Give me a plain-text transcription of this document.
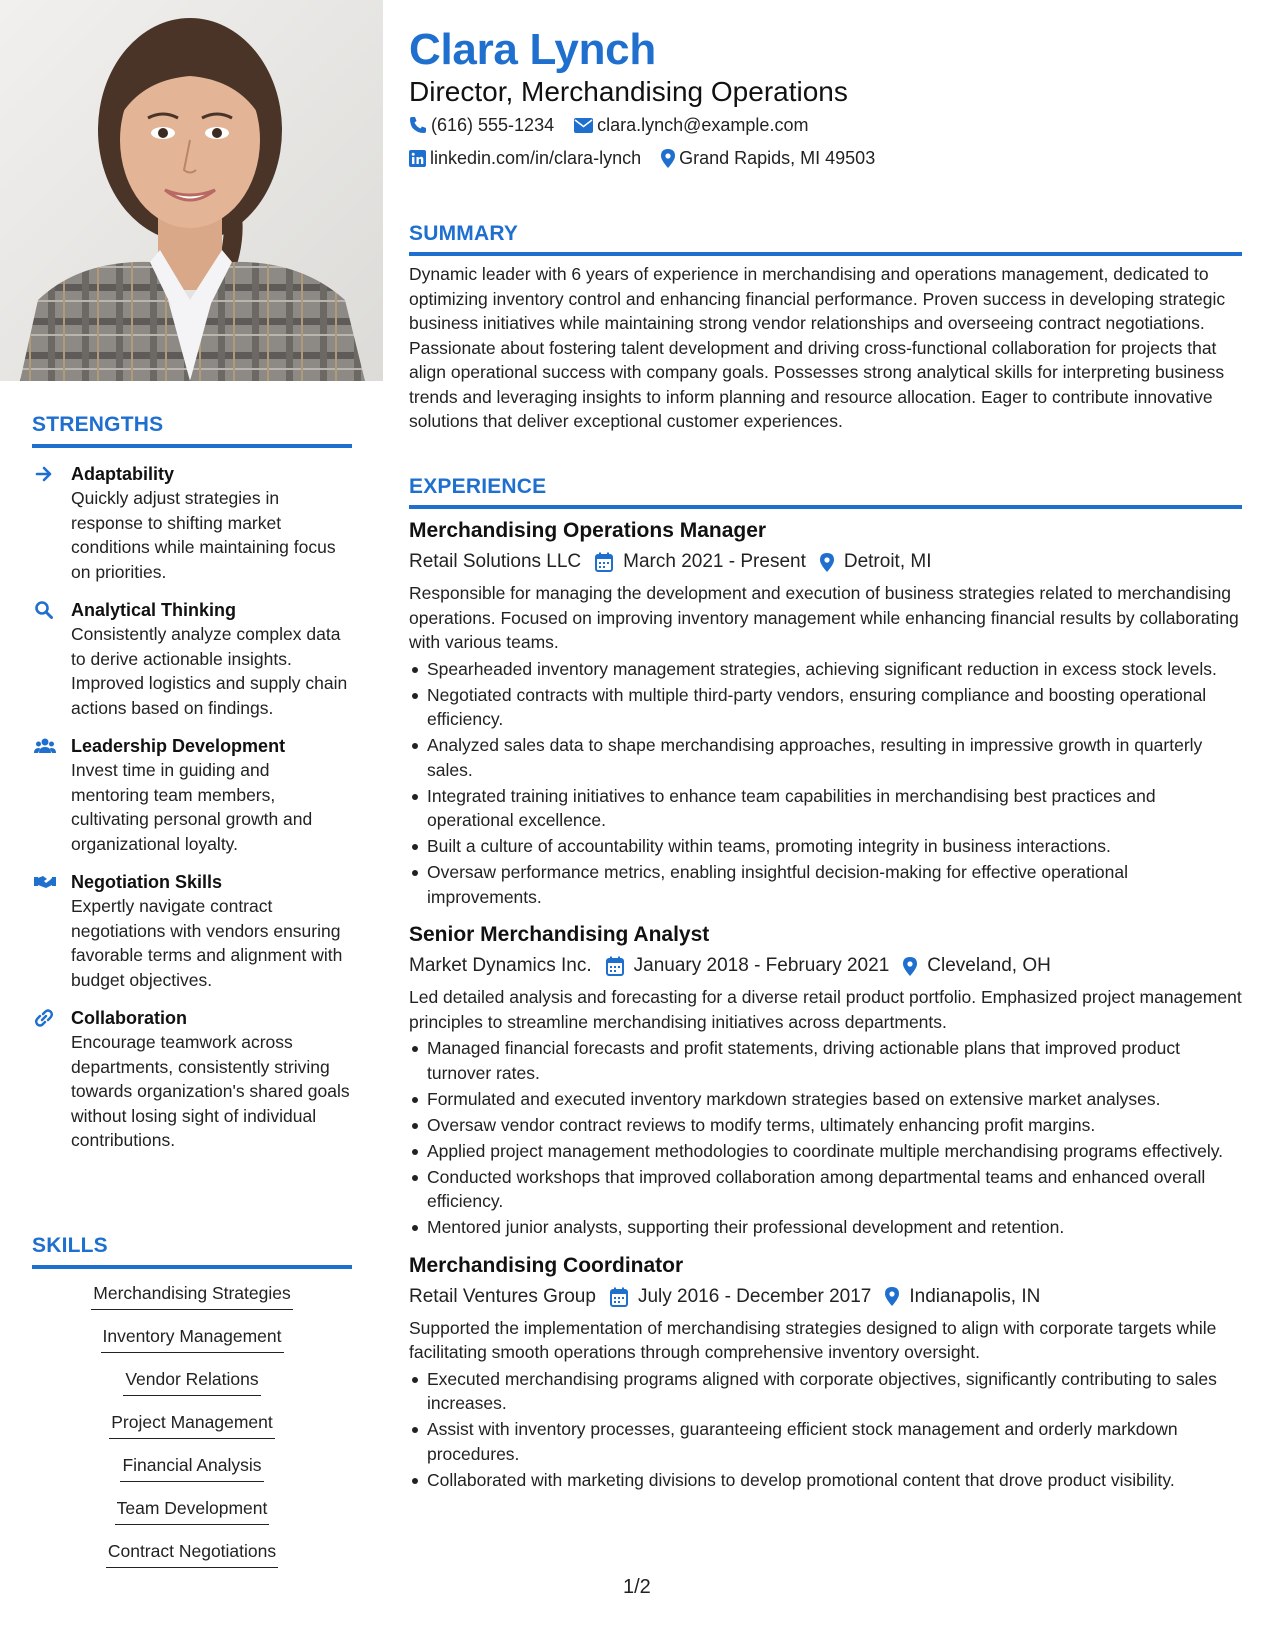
STRENGTHS
Adaptability
Quickly adjust strategies in response to shifting market conditions while maintaining focus on priorities.
Analytical Thinking
Consistently analyze complex data to derive actionable insights. Improved logistics and supply chain actions based on findings.
Leadership Development
Invest time in guiding and mentoring team members, cultivating personal growth and organizational loyalty.
Negotiation Skills
Expertly navigate contract negotiations with vendors ensuring favorable terms and alignment with budget objectives.
Collaboration
Encourage teamwork across departments, consistently striving towards organization's shared goals without losing sight of individual contributions.
SKILLS
Merchandising Strategies
Inventory Management
Vendor Relations
Project Management
Financial Analysis
Team Development
Contract Negotiations
Clara Lynch
Director, Merchandising Operations
(616) 555-1234 clara.lynch@example.com
linkedin.com/in/clara-lynch Grand Rapids, MI 49503
SUMMARY

Dynamic leader with 6 years of experience in merchandising and operations management, dedicated to optimizing inventory control and enhancing financial performance. Proven success in developing strategic business initiatives while maintaining strong vendor relationships and overseeing contract negotiations. Passionate about fostering talent development and driving cross-functional collaboration for projects that align operational success with company goals. Possesses strong analytical skills for interpreting business trends and leveraging insights to inform planning and resource allocation. Eager to contribute innovative solutions that deliver exceptional customer experiences.

EXPERIENCE
Merchandising Operations Manager
Retail Solutions LLC March 2021 - Present Detroit, MI
Responsible for managing the development and execution of business strategies related to merchandising operations. Focused on improving inventory management while enhancing financial results by collaborating with various teams.
Spearheaded inventory management strategies, achieving significant reduction in excess stock levels.
Negotiated contracts with multiple third-party vendors, ensuring compliance and boosting operational efficiency.
Analyzed sales data to shape merchandising approaches, resulting in impressive growth in quarterly sales.
Integrated training initiatives to enhance team capabilities in merchandising best practices and operational excellence.
Built a culture of accountability within teams, promoting integrity in business interactions.
Oversaw performance metrics, enabling insightful decision-making for effective operational improvements.
Senior Merchandising Analyst
Market Dynamics Inc. January 2018 - February 2021 Cleveland, OH
Led detailed analysis and forecasting for a diverse retail product portfolio. Emphasized project management principles to streamline merchandising initiatives across departments.
Managed financial forecasts and profit statements, driving actionable plans that improved product turnover rates.
Formulated and executed inventory markdown strategies based on extensive market analyses.
Oversaw vendor contract reviews to modify terms, ultimately enhancing profit margins.
Applied project management methodologies to coordinate multiple merchandising programs effectively.
Conducted workshops that improved collaboration among departmental teams and enhanced overall efficiency.
Mentored junior analysts, supporting their professional development and retention.
Merchandising Coordinator
Retail Ventures Group July 2016 - December 2017 Indianapolis, IN
Supported the implementation of merchandising strategies designed to align with corporate targets while facilitating smooth operations through comprehensive inventory oversight.
Executed merchandising programs aligned with corporate objectives, significantly contributing to sales increases.
Assist with inventory processes, guaranteeing efficient stock management and orderly markdown procedures.
Collaborated with marketing divisions to develop promotional content that drove product visibility.
1/2
